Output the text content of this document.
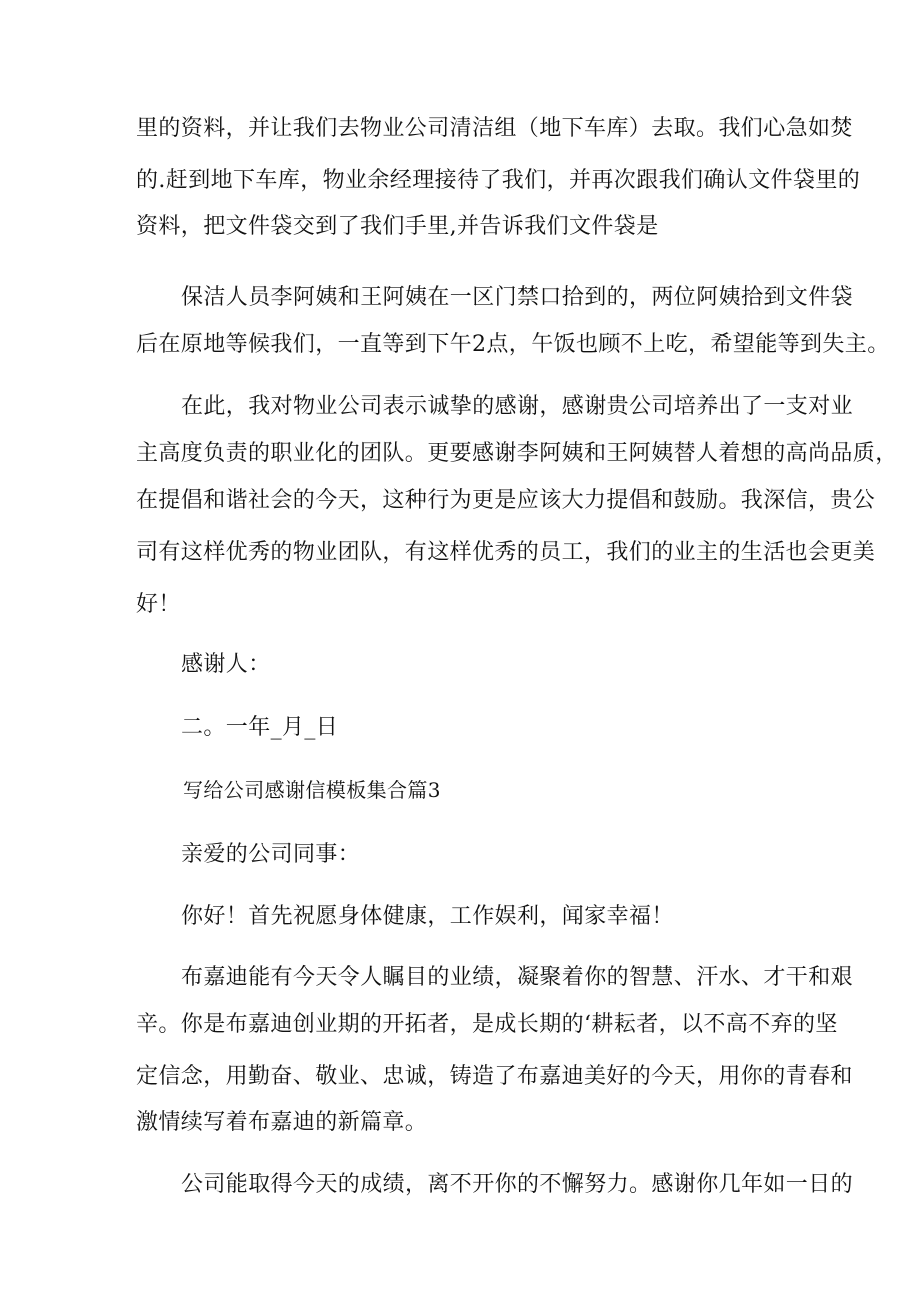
里的资料，并让我们去物业公司清洁组（地下车库）去取。我们心急如焚
的.赶到地下车库，物业余经理接待了我们，并再次跟我们确认文件袋里的
资料，把文件袋交到了我们手里,并告诉我们文件袋是
保洁人员李阿姨和王阿姨在一区门禁口拾到的，两位阿姨拾到文件袋
后在原地等候我们，一直等到下午2点，午饭也顾不上吃，希望能等到失主。
在此，我对物业公司表示诚挚的感谢，感谢贵公司培养出了一支对业
主高度负责的职业化的团队。更要感谢李阿姨和王阿姨替人着想的高尚品质，
在提倡和谐社会的今天，这种行为更是应该大力提倡和鼓励。我深信，贵公
司有这样优秀的物业团队，有这样优秀的员工，我们的业主的生活也会更美
好！
感谢人：
二。一年_月_日
写给公司感谢信模板集合篇3
亲爱的公司同事：
你好！首先祝愿身体健康，工作娱利，闻家幸福！
布嘉迪能有今天令人瞩目的业绩，凝聚着你的智慧、汗水、才干和艰
辛。你是布嘉迪创业期的开拓者，是成长期的‘耕耘者，以不高不弃的坚
定信念，用勤奋、敬业、忠诚，铸造了布嘉迪美好的今天，用你的青春和
激情续写着布嘉迪的新篇章。
公司能取得今天的成绩，离不开你的不懈努力。感谢你几年如一日的
